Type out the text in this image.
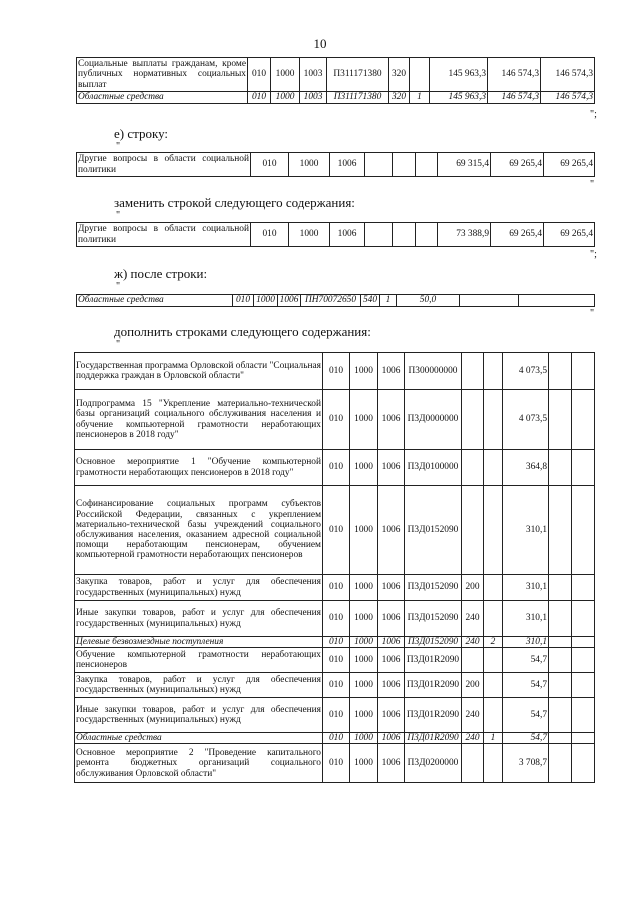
10
Социальные выплаты гражданам, кроме публичных нормативных социальных выплат	010	1000	1003	П311171380	320		145 963,3	146 574,3	146 574,3
Областные средства	010	1000	1003	П311171380	320	1	145 963,3	146 574,3	146 574,3
";
е) строку:
"
Другие вопросы в области социальной политики	010	1000	1006				69 315,4	69 265,4	69 265,4
"
заменить строкой следующего содержания:
"
Другие вопросы в области социальной политики	010	1000	1006				73 388,9	69 265,4	69 265,4
";
ж) после строки:
"
Областные средства	010	1000	1006	ПН70072650	540	1	50,0		
"
дополнить строками следующего содержания:
"
Государственная программа Орловской области "Социальная поддержка граждан в Орловской области"	010	1000	1006	П300000000			4 073,5		
Подпрограмма 15 "Укрепление материально-технической базы организаций социального обслуживания населения и обучение компьютерной грамотности неработающих пенсионеров в 2018 году"	010	1000	1006	П3Д0000000			4 073,5		
Основное мероприятие 1 "Обучение компьютерной грамотности неработающих пенсионеров в 2018 году"	010	1000	1006	П3Д0100000			364,8		
Софинансирование социальных программ субъектов Российской Федерации, связанных с укреплением материально-технической базы учреждений социального обслуживания населения, оказанием адресной социальной помощи неработающим пенсионерам, обучением компьютерной грамотности неработающих пенсионеров	010	1000	1006	П3Д0152090			310,1		
Закупка товаров, работ и услуг для обеспечения государственных (муниципальных) нужд	010	1000	1006	П3Д0152090	200		310,1		
Иные закупки товаров, работ и услуг для обеспечения государственных (муниципальных) нужд	010	1000	1006	П3Д0152090	240		310,1		
Целевые безвозмездные поступления	010	1000	1006	П3Д0152090	240	2	310,1		
Обучение компьютерной грамотности неработающих пенсионеров	010	1000	1006	П3Д01R2090			54,7		
Закупка товаров, работ и услуг для обеспечения государственных (муниципальных) нужд	010	1000	1006	П3Д01R2090	200		54,7		
Иные закупки товаров, работ и услуг для обеспечения государственных (муниципальных) нужд	010	1000	1006	П3Д01R2090	240		54,7		
Областные средства	010	1000	1006	П3Д01R2090	240	1	54,7		
Основное мероприятие 2 "Проведение капитального ремонта бюджетных организаций социального обслуживания Орловской области"	010	1000	1006	П3Д0200000			3 708,7		
